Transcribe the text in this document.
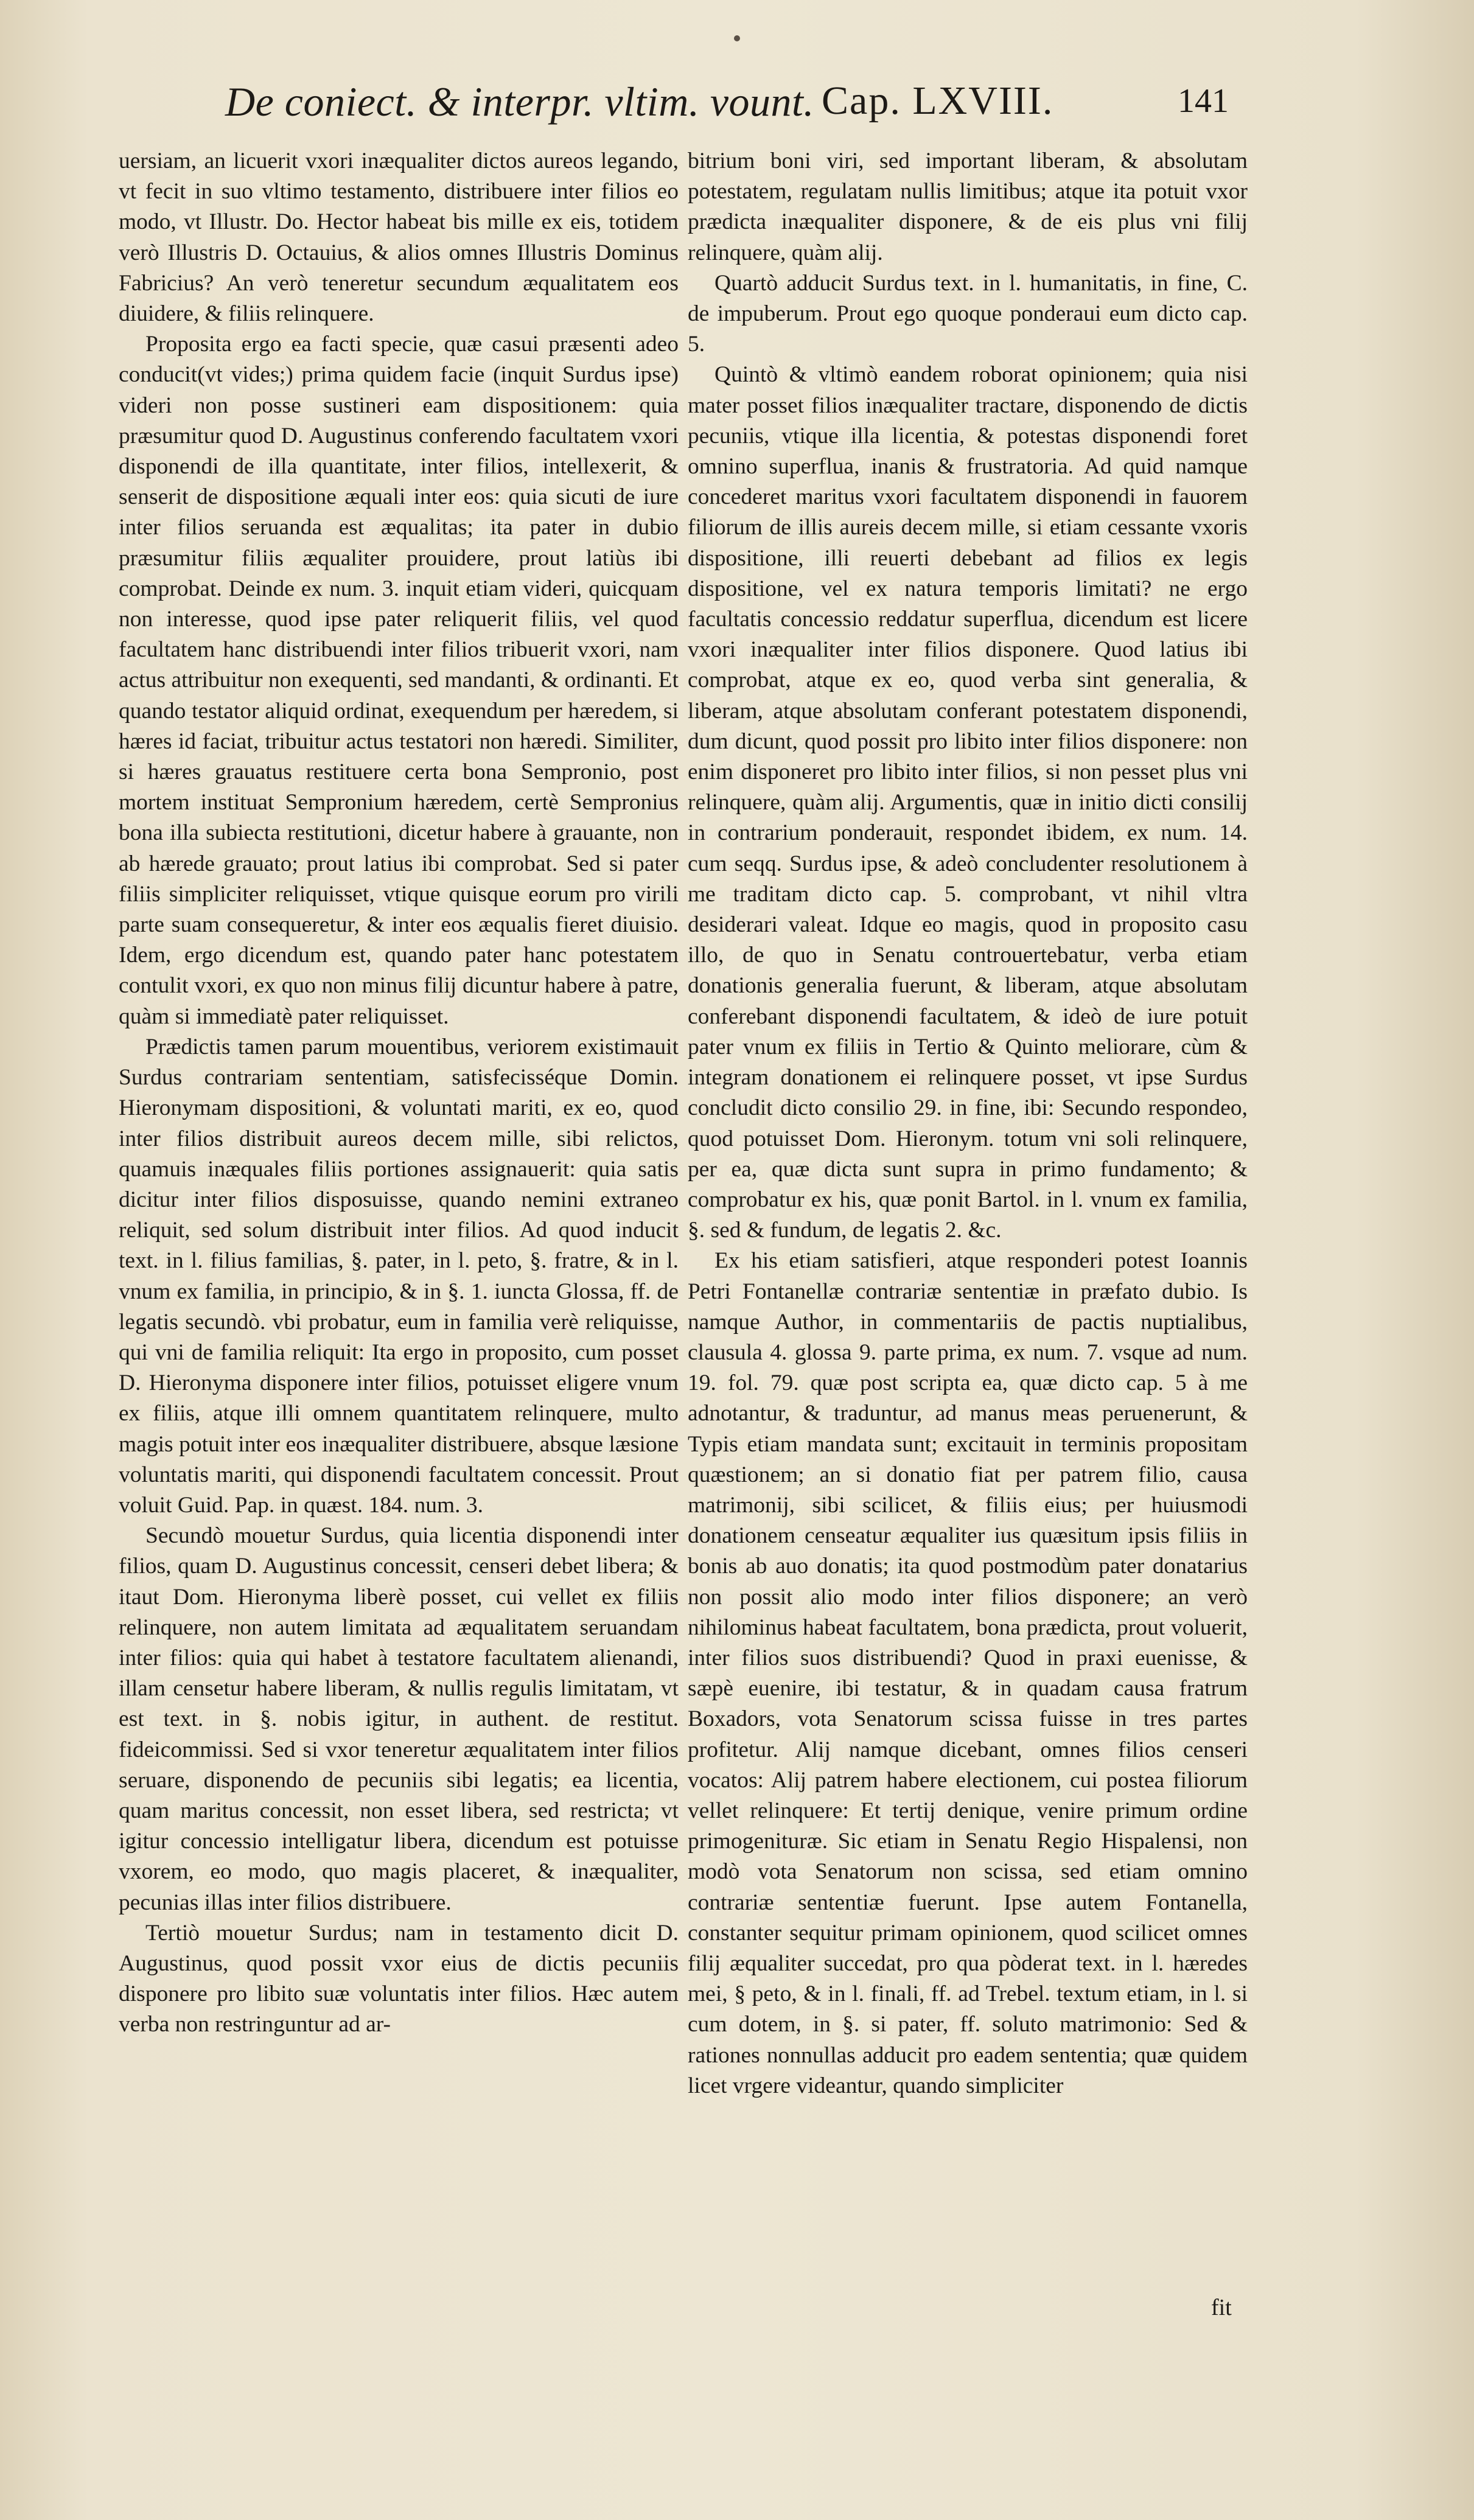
De coniect. & interpr. vltim. vount. Cap. LXVIII.	141

uersiam, an licuerit vxori inæqualiter dictos aureos legando, vt fecit in suo vltimo testamento, distribuere inter filios eo modo, vt Illustr. Do. Hector habeat bis mille ex eis, totidem verò Illustris D. Octauius, & alios omnes Illustris Dominus Fabricius? An verò teneretur secundum æqualitatem eos diuidere, & filiis relinquere.

Proposita ergo ea facti specie, quæ casui præsenti adeo conducit(vt vides;) prima quidem facie (inquit Surdus ipse) videri non posse sustineri eam dispositionem: quia præsumitur quod D. Augustinus conferendo facultatem vxori disponendi de illa quantitate, inter filios, intellexerit, & senserit de dispositione æquali inter eos: quia sicuti de iure inter filios seruanda est æqualitas; ita pater in dubio præsumitur filiis æqualiter prouidere, prout latiùs ibi comprobat. Deinde ex num. 3. inquit etiam videri, quicquam non interesse, quod ipse pater reliquerit filiis, vel quod facultatem hanc distribuendi inter filios tribuerit vxori, nam actus attribuitur non exequenti, sed mandanti, & ordinanti. Et quando testator aliquid ordinat, exequendum per hæredem, si hæres id faciat, tribuitur actus testatori non hæredi. Similiter, si hæres grauatus restituere certa bona Sempronio, post mortem instituat Sempronium hæredem, certè Sempronius bona illa subiecta restitutioni, dicetur habere à grauante, non ab hærede grauato; prout latius ibi comprobat. Sed si pater filiis simpliciter reliquisset, vtique quisque eorum pro virili parte suam consequeretur, & inter eos æqualis fieret diuisio. Idem, ergo dicendum est, quando pater hanc potestatem contulit vxori, ex quo non minus filij dicuntur habere à patre, quàm si immediatè pater reliquisset.

Prædictis tamen parum mouentibus, veriorem existimauit Surdus contrariam sententiam, satisfecisséque Domin. Hieronymam dispositioni, & voluntati mariti, ex eo, quod inter filios distribuit aureos decem mille, sibi relictos, quamuis inæquales filiis portiones assignauerit: quia satis dicitur inter filios disposuisse, quando nemini extraneo reliquit, sed solum distribuit inter filios. Ad quod inducit text. in l. filius familias, §. pater, in l. peto, §. fratre, & in l. vnum ex familia, in principio, & in §. 1. iuncta Glossa, ff. de legatis secundò. vbi probatur, eum in familia verè reliquisse, qui vni de familia reliquit: Ita ergo in proposito, cum posset D. Hieronyma disponere inter filios, potuisset eligere vnum ex filiis, atque illi omnem quantitatem relinquere, multo magis potuit inter eos inæqualiter distribuere, absque læsione voluntatis mariti, qui disponendi facultatem concessit. Prout voluit Guid. Pap. in quæst. 184. num. 3.

Secundò mouetur Surdus, quia licentia disponendi inter filios, quam D. Augustinus concessit, censeri debet libera; & itaut Dom. Hieronyma liberè posset, cui vellet ex filiis relinquere, non autem limitata ad æqualitatem seruandam inter filios: quia qui habet à testatore facultatem alienandi, illam censetur habere liberam, & nullis regulis limitatam, vt est text. in §. nobis igitur, in authent. de restitut. fideicommissi. Sed si vxor teneretur æqualitatem inter filios seruare, disponendo de pecuniis sibi legatis; ea licentia, quam maritus concessit, non esset libera, sed restricta; vt igitur concessio intelligatur libera, dicendum est potuisse vxorem, eo modo, quo magis placeret, & inæqualiter, pecunias illas inter filios distribuere.

Tertiò mouetur Surdus; nam in testamento dicit D. Augustinus, quod possit vxor eius de dictis pecuniis disponere pro libito suæ voluntatis inter filios. Hæc autem verba non restringuntur ad ar-

bitrium boni viri, sed important liberam, & absolutam potestatem, regulatam nullis limitibus; atque ita potuit vxor prædicta inæqualiter disponere, & de eis plus vni filij relinquere, quàm alij.

Quartò adducit Surdus text. in l. humanitatis, in fine, C. de impuberum. Prout ego quoque ponderaui eum dicto cap. 5.

Quintò & vltimò eandem roborat opinionem; quia nisi mater posset filios inæqualiter tractare, disponendo de dictis pecuniis, vtique illa licentia, & potestas disponendi foret omnino superflua, inanis & frustratoria. Ad quid namque concederet maritus vxori facultatem disponendi in fauorem filiorum de illis aureis decem mille, si etiam cessante vxoris dispositione, illi reuerti debebant ad filios ex legis dispositione, vel ex natura temporis limitati? ne ergo facultatis concessio reddatur superflua, dicendum est licere vxori inæqualiter inter filios disponere. Quod latius ibi comprobat, atque ex eo, quod verba sint generalia, & liberam, atque absolutam conferant potestatem disponendi, dum dicunt, quod possit pro libito inter filios disponere: non enim disponeret pro libito inter filios, si non pesset plus vni relinquere, quàm alij. Argumentis, quæ in initio dicti consilij in contrarium ponderauit, respondet ibidem, ex num. 14. cum seqq. Surdus ipse, & adeò concludenter resolutionem à me traditam dicto cap. 5. comprobant, vt nihil vltra desiderari valeat. Idque eo magis, quod in proposito casu illo, de quo in Senatu controuertebatur, verba etiam donationis generalia fuerunt, & liberam, atque absolutam conferebant disponendi facultatem, & ideò de iure potuit pater vnum ex filiis in Tertio & Quinto meliorare, cùm & integram donationem ei relinquere posset, vt ipse Surdus concludit dicto consilio 29. in fine, ibi: Secundo respondeo, quod potuisset Dom. Hieronym. totum vni soli relinquere, per ea, quæ dicta sunt supra in primo fundamento; & comprobatur ex his, quæ ponit Bartol. in l. vnum ex familia, §. sed & fundum, de legatis 2. &c.

Ex his etiam satisfieri, atque responderi potest Ioannis Petri Fontanellæ contrariæ sententiæ in præfato dubio. Is namque Author, in commentariis de pactis nuptialibus, clausula 4. glossa 9. parte prima, ex num. 7. vsque ad num. 19. fol. 79. quæ post scripta ea, quæ dicto cap. 5 à me adnotantur, & traduntur, ad manus meas peruenerunt, & Typis etiam mandata sunt; excitauit in terminis propositam quæstionem; an si donatio fiat per patrem filio, causa matrimonij, sibi scilicet, & filiis eius; per huiusmodi donationem censeatur æqualiter ius quæsitum ipsis filiis in bonis ab auo donatis; ita quod postmodùm pater donatarius non possit alio modo inter filios disponere; an verò nihilominus habeat facultatem, bona prædicta, prout voluerit, inter filios suos distribuendi? Quod in praxi euenisse, & sæpè euenire, ibi testatur, & in quadam causa fratrum Boxadors, vota Senatorum scissa fuisse in tres partes profitetur. Alij namque dicebant, omnes filios censeri vocatos: Alij patrem habere electionem, cui postea filiorum vellet relinquere: Et tertij denique, venire primum ordine primogenituræ. Sic etiam in Senatu Regio Hispalensi, non modò vota Senatorum non scissa, sed etiam omnino contrariæ sententiæ fuerunt. Ipse autem Fontanella, constanter sequitur primam opinionem, quod scilicet omnes filij æqualiter succedat, pro qua pòderat text. in l. hæredes mei, § peto, & in l. finali, ff. ad Trebel. textum etiam, in l. si cum dotem, in §. si pater, ff. soluto matrimonio: Sed & rationes nonnullas adducit pro eadem sententia; quæ quidem licet vrgere videantur, quando simpliciter

fit
